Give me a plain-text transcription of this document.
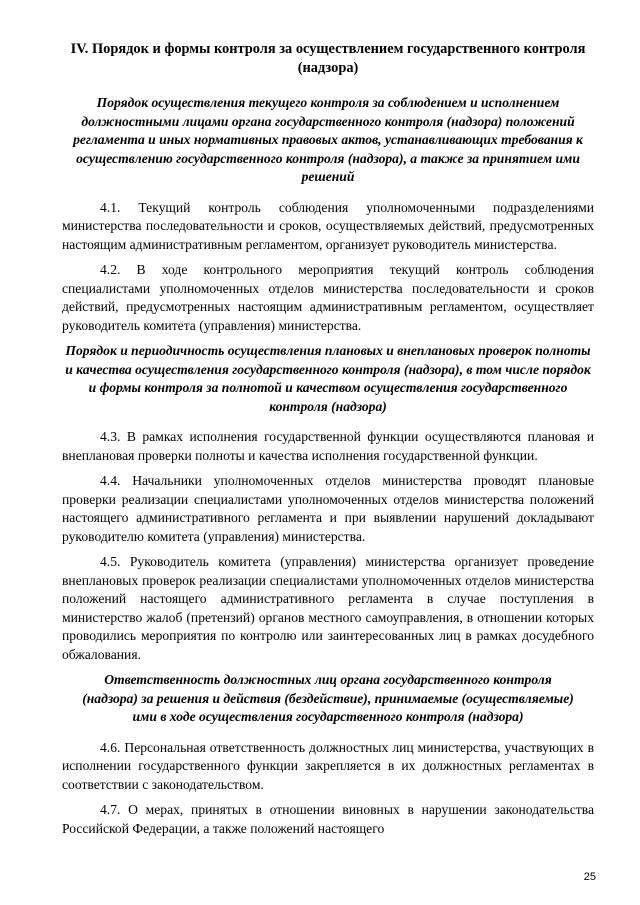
IV. Порядок и формы контроля за осуществлением государственного контроля (надзора)
Порядок осуществления текущего контроля за соблюдением и исполнением должностными лицами органа государственного контроля (надзора) положений регламента и иных нормативных правовых актов, устанавливающих требования к осуществлению государственного контроля (надзора), а также за принятием ими решений

4.1. Текущий контроль соблюдения уполномоченными подразделениями министерства последовательности и сроков, осуществляемых действий, предусмотренных настоящим административным регламентом, организует руководитель министерства.

4.2. В ходе контрольного мероприятия текущий контроль соблюдения специалистами уполномоченных отделов министерства последовательности и сроков действий, предусмотренных настоящим административным регламентом, осуществляет руководитель комитета (управления) министерства.

Порядок и периодичность осуществления плановых и внеплановых проверок полноты и качества осуществления государственного контроля (надзора), в том числе порядок и формы контроля за полнотой и качеством осуществления государственного контроля (надзора)

4.3. В рамках исполнения государственной функции осуществляются плановая и внеплановая проверки полноты и качества исполнения государственной функции.

4.4. Начальники уполномоченных отделов министерства проводят плановые проверки реализации специалистами уполномоченных отделов министерства положений настоящего административного регламента и при выявлении нарушений докладывают руководителю комитета (управления) министерства.

4.5. Руководитель комитета (управления) министерства организует проведение внеплановых проверок реализации специалистами уполномоченных отделов министерства положений настоящего административного регламента в случае поступления в министерство жалоб (претензий) органов местного самоуправления, в отношении которых проводились мероприятия по контролю или заинтересованных лиц в рамках досудебного обжалования.

Ответственность должностных лиц органа государственного контроля (надзора) за решения и действия (бездействие), принимаемые (осуществляемые) ими в ходе осуществления государственного контроля (надзора)

4.6. Персональная ответственность должностных лиц министерства, участвующих в исполнении государственного функции закрепляется в их должностных регламентах в соответствии с законодательством.

4.7. О мерах, принятых в отношении виновных в нарушении законодательства Российской Федерации, а также положений настоящего

25
